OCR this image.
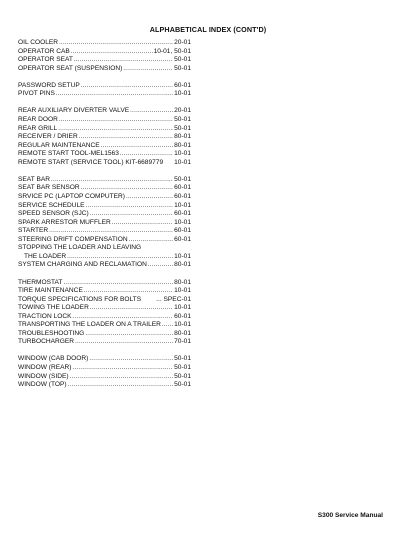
ALPHABETICAL INDEX (CONT'D)
OIL COOLER .....	20-01
OPERATOR CAB .....	10-01, 50-01
OPERATOR SEAT .....	50-01
OPERATOR SEAT (SUSPENSION) .....	50-01
PASSWORD SETUP .....	60-01
PIVOT PINS .....	10-01
REAR AUXILIARY DIVERTER VALVE .....	20-01
REAR DOOR .....	50-01
REAR GRILL .....	50-01
RECEIVER / DRIER .....	80-01
REGULAR MAINTENANCE .....	80-01
REMOTE START TOOL-MEL1563 .....	10-01
REMOTE START (SERVICE TOOL) KIT-6689779 10-01
SEAT BAR .....	50-01
SEAT BAR SENSOR .....	60-01
SRVICE PC (LAPTOP COMPUTER) .....	60-01
SERVICE SCHEDULE .....	10-01
SPEED SENSOR (SJC) .....	60-01
SPARK ARRESTOR MUFFLER .....	10-01
STARTER .....	60-01
STEERING DRIFT COMPENSATION .....	60-01
STOPPING THE LOADER AND LEAVING
THE LOADER .....	10-01
SYSTEM CHARGING AND RECLAMATION .....	80-01
THERMOSTAT .....	80-01
TIRE MAINTENANCE .....	10-01
TORQUE SPECIFICATIONS FOR BOLTS ... SPEC-01
TOWING THE LOADER .....	10-01
TRACTION LOCK .....	60-01
TRANSPORTING THE LOADER ON A TRAILER ..... 10-01
TROUBLESHOOTING .....	80-01
TURBOCHARGER .....	70-01
WINDOW (CAB DOOR) .....	50-01
WINDOW (REAR) .....	50-01
WINDOW (SIDE) .....	50-01
WINDOW (TOP) .....	50-01
S300 Service Manual
